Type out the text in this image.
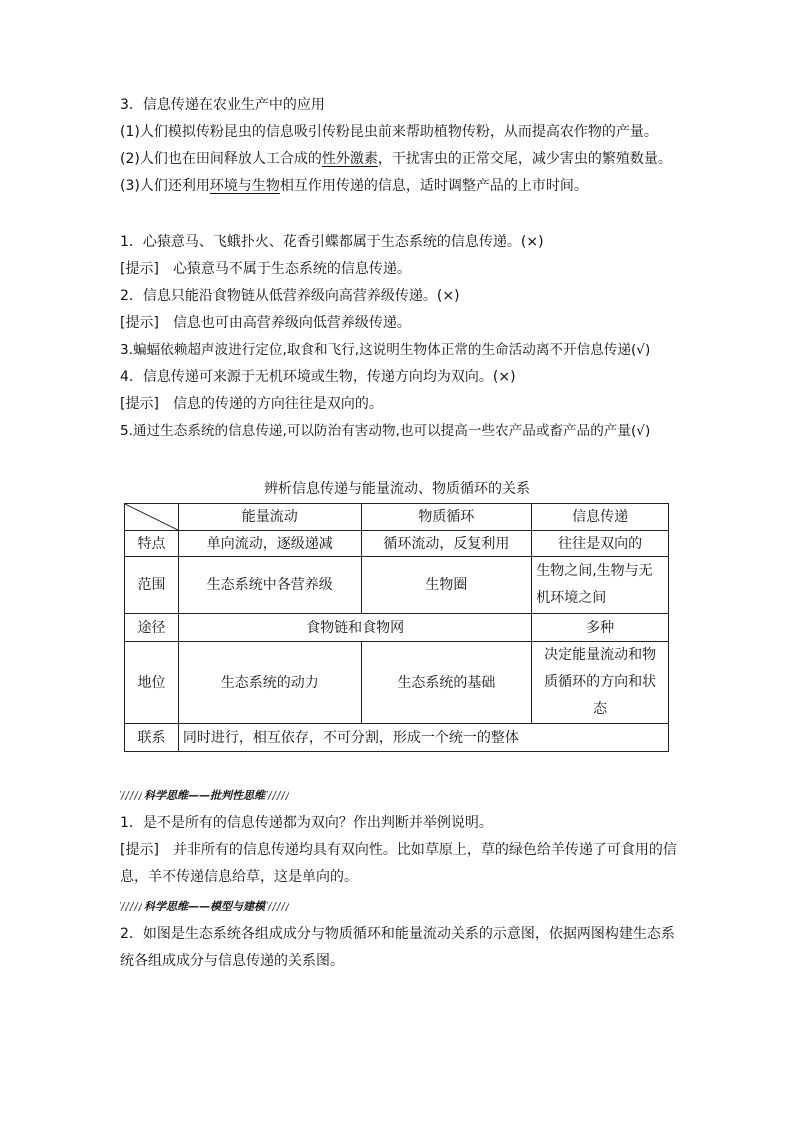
3．信息传递在农业生产中的应用
(1)人们模拟传粉昆虫的信息吸引传粉昆虫前来帮助植物传粉，从而提高农作物的产量。
(2)人们也在田间释放人工合成的性外激素，干扰害虫的正常交尾，减少害虫的繁殖数量。
(3)人们还利用环境与生物相互作用传递的信息，适时调整产品的上市时间。
1．心猿意马、飞蛾扑火、花香引蝶都属于生态系统的信息传递。(×)
[提示] 心猿意马不属于生态系统的信息传递。
2．信息只能沿食物链从低营养级向高营养级传递。(×)
[提示] 信息也可由高营养级向低营养级传递。
3.蝙蝠依赖超声波进行定位,取食和飞行,这说明生物体正常的生命活动离不开信息传递(√)
4．信息传递可来源于无机环境或生物，传递方向均为双向。(×)
[提示] 信息的传递的方向往往是双向的。
5.通过生态系统的信息传递,可以防治有害动物,也可以提高一些农产品或畜产品的产量(√)
辨析信息传递与能量流动、物质循环的关系
	能量流动	物质循环	信息传递
特点	单向流动，逐级递减	循环流动，反复利用	往往是双向的
范围	生态系统中各营养级	生物圈	生物之间,生物与无
机环境之间

途径	食物链和食物网		多种
地位	生态系统的动力	生态系统的基础	决定能量流动和物
质循环的方向和状
态

联系	同时进行，相互依存，不可分割，形成一个统一的整体		
科学思维——批判性思维
1．是不是所有的信息传递都为双向？作出判断并举例说明。
[提示] 并非所有的信息传递均具有双向性。比如草原上，草的绿色给羊传递了可食用的信
息，羊不传递信息给草，这是单向的。
科学思维——模型与建模
2．如图是生态系统各组成成分与物质循环和能量流动关系的示意图，依据两图构建生态系
统各组成成分与信息传递的关系图。
